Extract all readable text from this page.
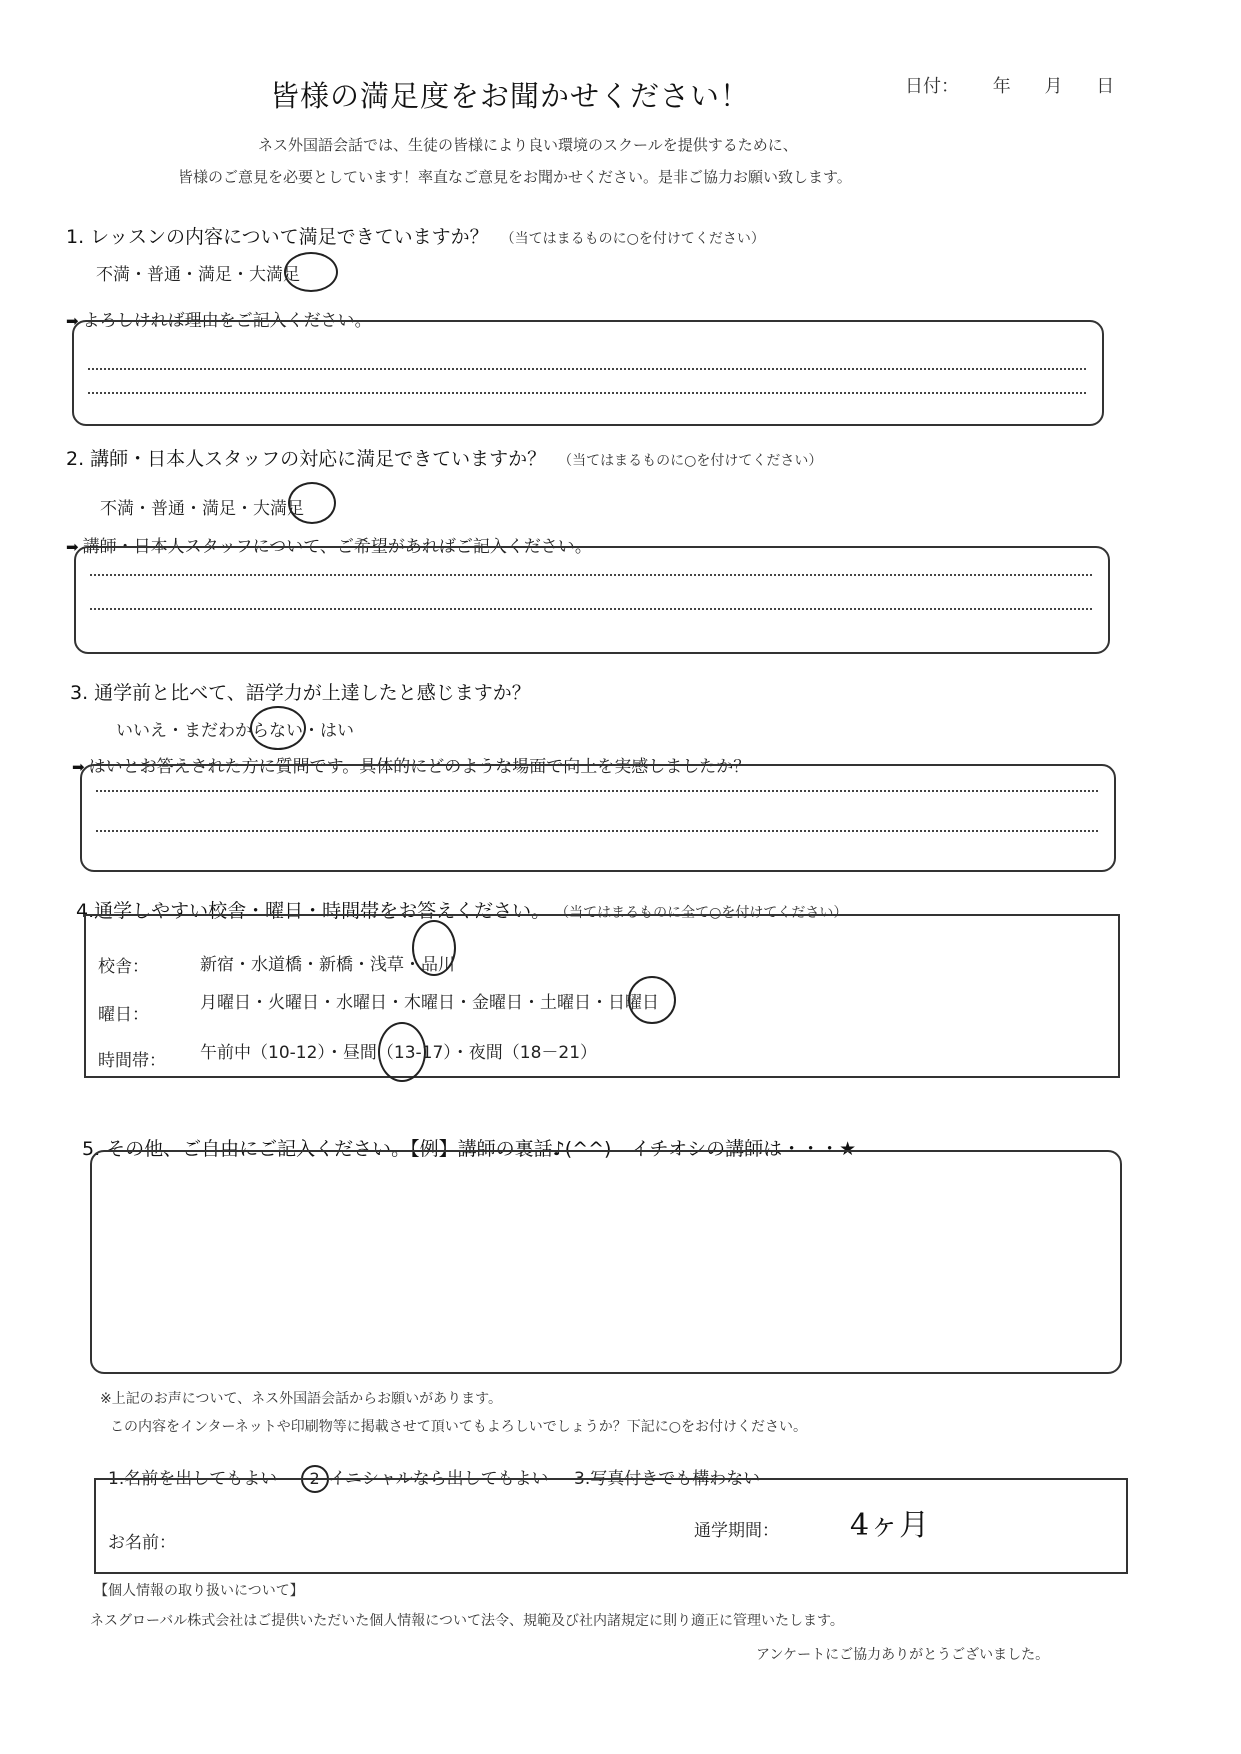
皆様の満足度をお聞かせください！	日付： 年 月 日
ネス外国語会話では、生徒の皆様により良い環境のスクールを提供するために、
皆様のご意見を必要としています！率直なご意見をお聞かせください。是非ご協力お願い致します。
1. レッスンの内容について満足できていますか？ （当てはまるものに○を付けてください）
不満・普通・満足・大満足
➡ よろしければ理由をご記入ください。
2. 講師・日本人スタッフの対応に満足できていますか？ （当てはまるものに○を付けてください）
不満・普通・満足・大満足
➡ 講師・日本人スタッフについて、ご希望があればご記入ください。
3. 通学前と比べて、語学力が上達したと感じますか？
いいえ・まだわからない・はい
➡ はいとお答えされた方に質問です。具体的にどのような場面で向上を実感しましたか？
4.通学しやすい校舎・曜日・時間帯をお答えください。 （当てはまるものに全て○を付けてください）
校舎：	新宿・水道橋・新橋・浅草・品川
曜日：
月曜日・火曜日・水曜日・木曜日・金曜日・土曜日・日曜日
時間帯： 午前中（10-12）・昼間（13-17）・夜間（18－21）
5. その他、ご自由にご記入ください。【例】講師の裏話♪(^^)　イチオシの講師は・・・★
※上記のお声について、ネス外国語会話からお願いがあります。
この内容をインターネットや印刷物等に掲載させて頂いてもよろしいでしょうか？下記に○をお付けください。
1.名前を出してもよい 2 イニシャルなら出してもよい 3.写真付きでも構わない
お名前：
通学期間： 4ヶ月
【個人情報の取り扱いについて】
ネスグローバル株式会社はご提供いただいた個人情報について法令、規範及び社内諸規定に則り適正に管理いたします。
アンケートにご協力ありがとうございました。
